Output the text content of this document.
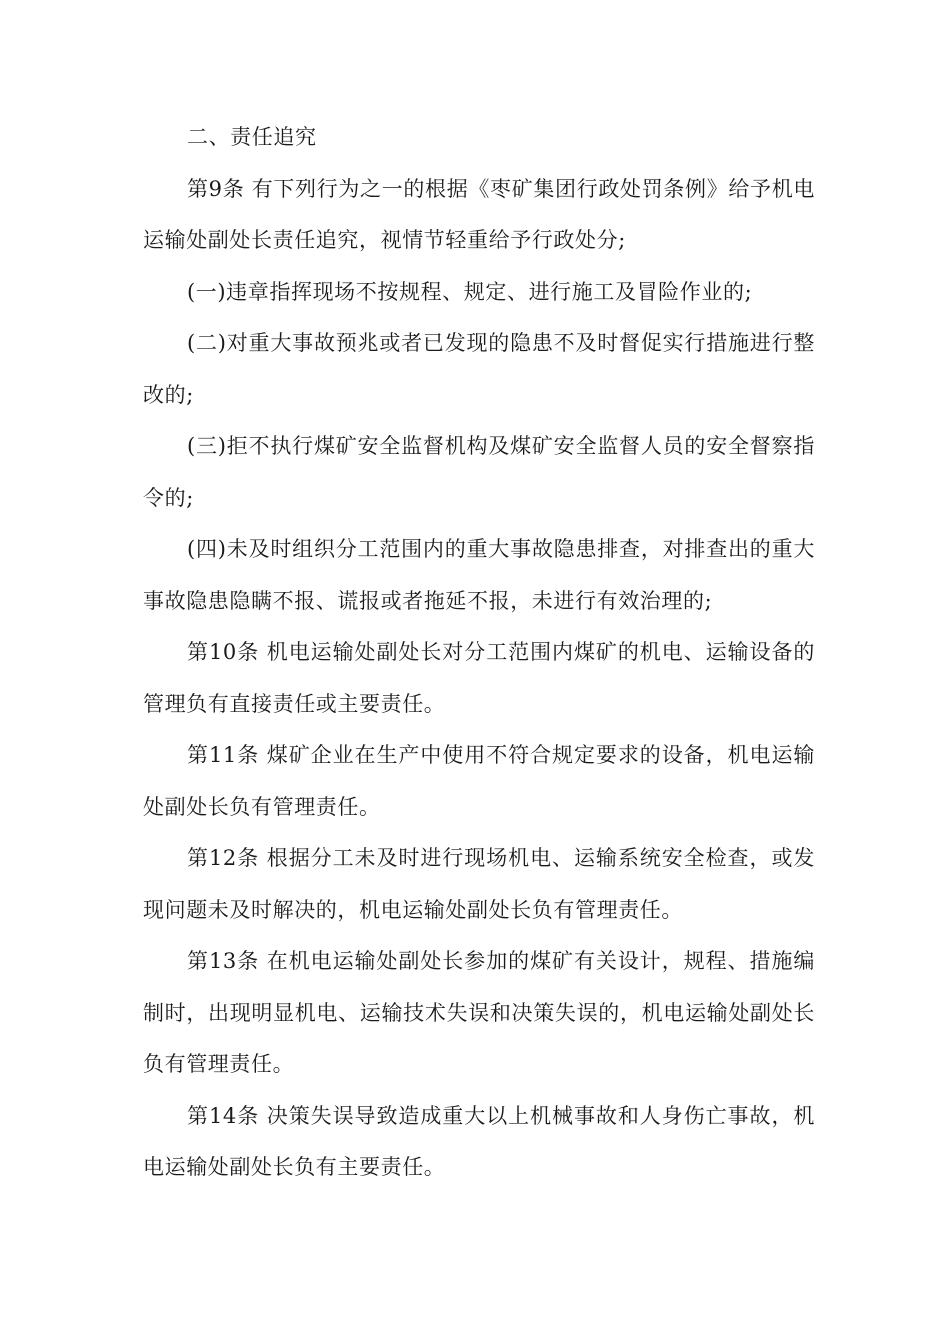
二、责任追究

第9条 有下列行为之一的根据《枣矿集团行政处罚条例》给予机电运输处副处长责任追究，视情节轻重给予行政处分;

(一)违章指挥现场不按规程、规定、进行施工及冒险作业的;

(二)对重大事故预兆或者已发现的隐患不及时督促实行措施进行整改的;

(三)拒不执行煤矿安全监督机构及煤矿安全监督人员的安全督察指令的;

(四)未及时组织分工范围内的重大事故隐患排查，对排查出的重大事故隐患隐瞒不报、谎报或者拖延不报，未进行有效治理的;

第10条 机电运输处副处长对分工范围内煤矿的机电、运输设备的管理负有直接责任或主要责任。

第11条 煤矿企业在生产中使用不符合规定要求的设备，机电运输处副处长负有管理责任。

第12条 根据分工未及时进行现场机电、运输系统安全检查，或发现问题未及时解决的，机电运输处副处长负有管理责任。

第13条 在机电运输处副处长参加的煤矿有关设计，规程、措施编制时，出现明显机电、运输技术失误和决策失误的，机电运输处副处长负有管理责任。

第14条 决策失误导致造成重大以上机械事故和人身伤亡事故，机电运输处副处长负有主要责任。
